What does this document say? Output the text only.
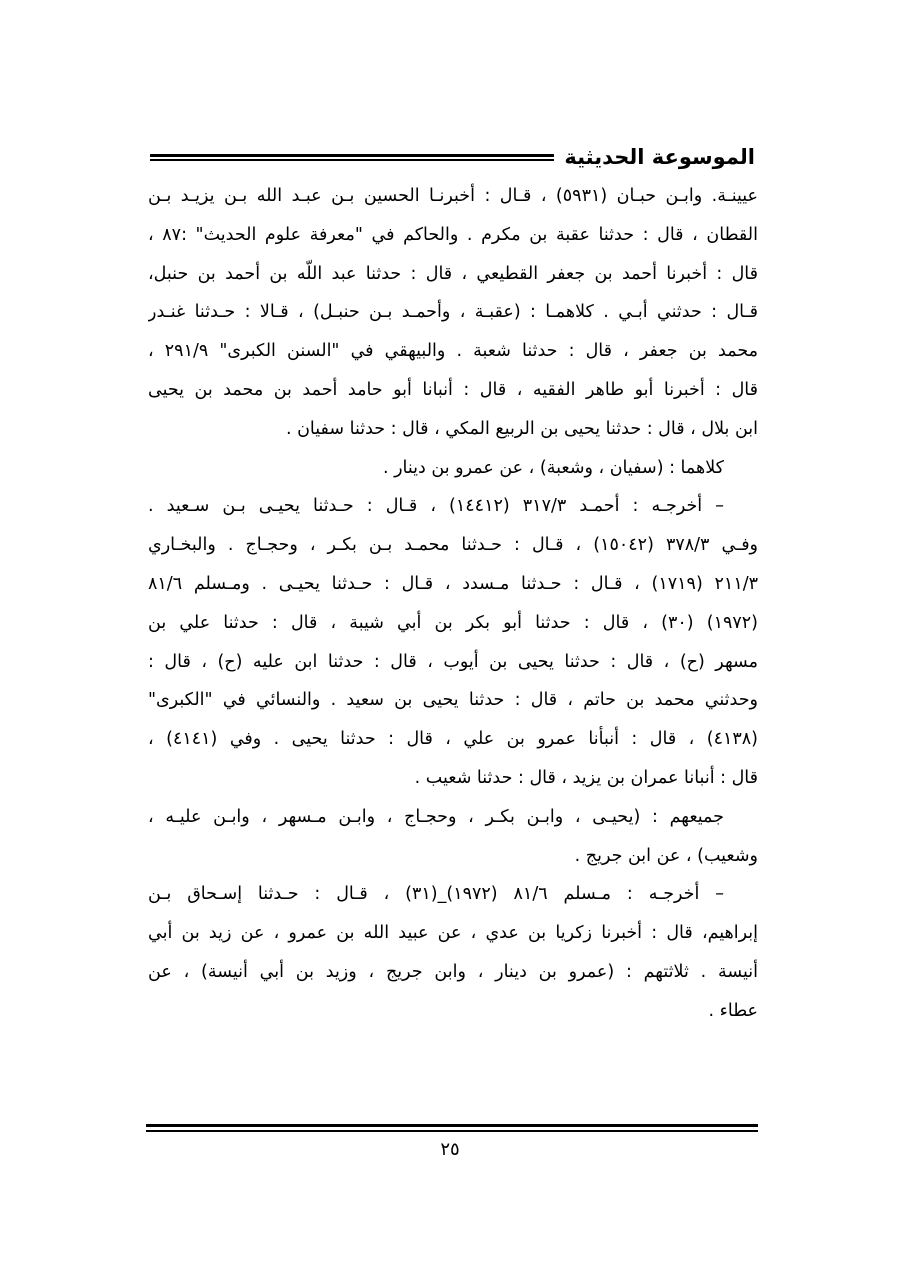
الموسوعة الحديثية
عيينـة. وابـن حبـان (٥٩٣١) ، قـال : أخبرنـا الحسين بـن عبـد الله بـن يزيـد بـن
القطان ، قال : حدثنا عقبة بن مكرم . والحاكم في "معرفة علوم الحديث" :٨٧ ،
قال : أخبرنا أحمد بن جعفر القطيعي ، قال : حدثنا عبد اللّه بن أحمد بن حنبل،
قـال : حدثني أبـي . كلاهمـا : (عقبـة ، وأحمـد بـن حنبـل) ، قـالا : حـدثنا غنـدر
محمد بن جعفر ، قال : حدثنا شعبة . والبيهقي في "السنن الكبرى" ٢٩١/٩ ،
قال : أخبرنا أبو طاهر الفقيه ، قال : أنبانا أبو حامد أحمد بن محمد بن يحيى
ابن بلال ، قال : حدثنا يحيى بن الربيع المكي ، قال : حدثنا سفيان .
كلاهما : (سفيان ، وشعبة) ، عن عمرو بن دينار .
– أخرجـه : أحمـد ٣١٧/٣ (١٤٤١٢) ، قـال : حـدثنا يحيـى بـن سـعيد .
وفـي ٣٧٨/٣ (١٥٠٤٢) ، قـال : حـدثنا محمـد بـن بكـر ، وحجـاج . والبخـاري
٢١١/٣ (١٧١٩) ، قـال : حـدثنا مـسدد ، قـال : حـدثنا يحيـى . ومـسلم ٨١/٦
(١٩٧٢) (٣٠) ، قال : حدثنا أبو بكر بن أبي شيبة ، قال : حدثنا علي بن
مسهر (ح) ، قال : حدثنا يحيى بن أيوب ، قال : حدثنا ابن عليه (ح) ، قال :
وحدثني محمد بن حاتم ، قال : حدثنا يحيى بن سعيد . والنسائي في "الكبرى"
(٤١٣٨) ، قال : أنبأنا عمرو بن علي ، قال : حدثنا يحيى . وفي (٤١٤١) ،
قال : أنبانا عمران بن يزيد ، قال : حدثنا شعيب .
جميعهم : (يحيـى ، وابـن بكـر ، وحجـاج ، وابـن مـسهر ، وابـن عليـه ،
وشعيب) ، عن ابن جريج .
– أخرجـه : مـسلم ٨١/٦ (١٩٧٢)_(٣١) ، قـال : حـدثنا إسـحاق بـن
إبراهيم، قال : أخبرنا زكريا بن عدي ، عن عبيد الله بن عمرو ، عن زيد بن أبي
أنيسة . ثلاثتهم : (عمرو بن دينار ، وابن جريج ، وزيد بن أبي أنيسة) ، عن
عطاء .
٢٥
